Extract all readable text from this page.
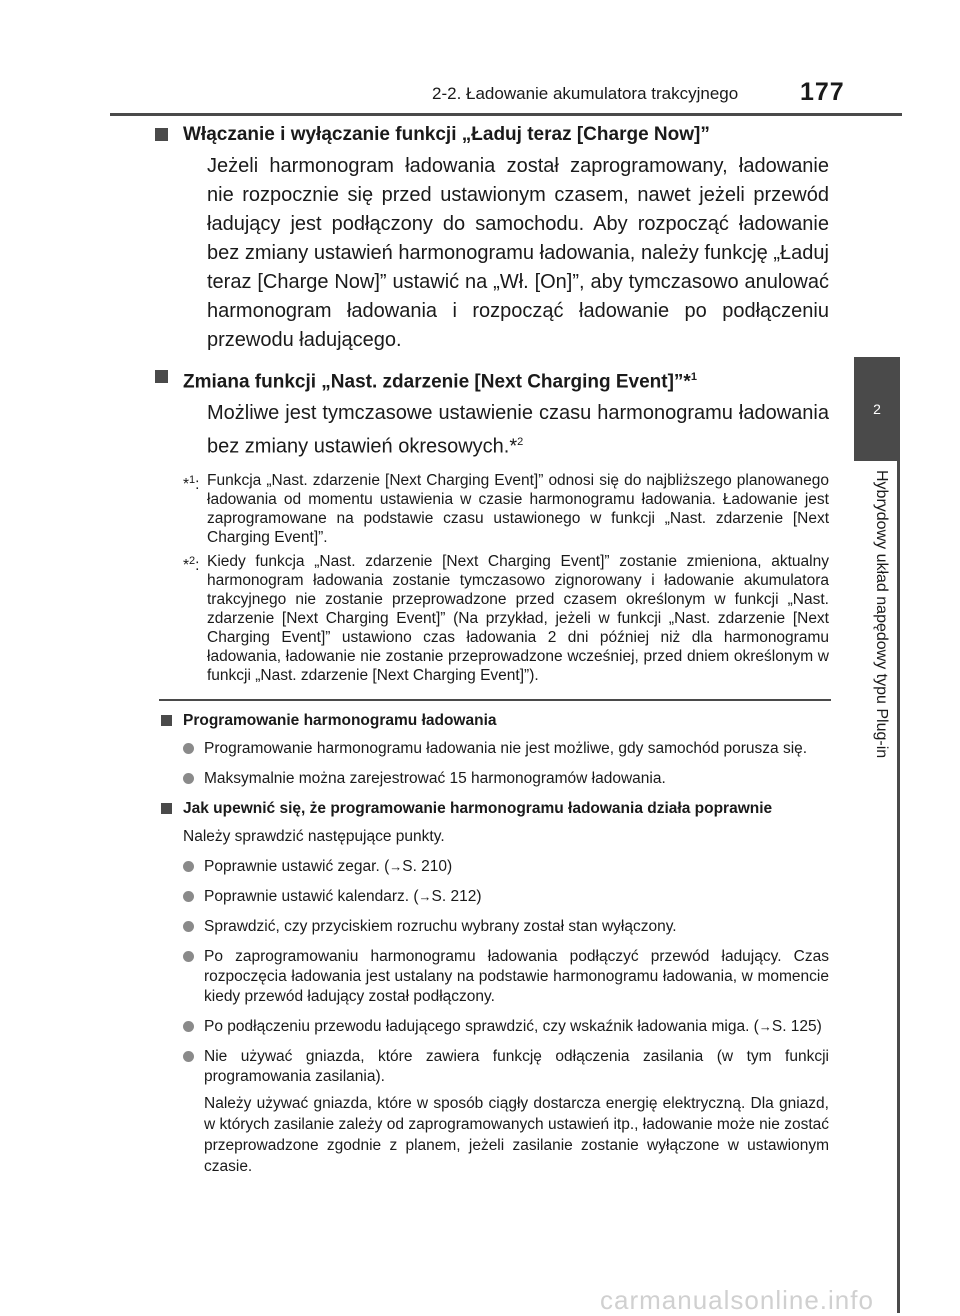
2-2. Ładowanie akumulatora trakcyjnego 177
2
Hybrydowy układ napędowy typu Plug-in
Włączanie i wyłączanie funkcji „Ładuj teraz [Charge Now]”
Jeżeli harmonogram ładowania został zaprogramowany, ładowanie nie rozpocznie się przed ustawionym czasem, nawet jeżeli przewód ładujący jest podłączony do samochodu. Aby rozpocząć ładowanie bez zmiany ustawień harmonogramu ładowania, należy funkcję „Ładuj teraz [Charge Now]” ustawić na „Wł. [On]”, aby tymczasowo anulować harmonogram ładowania i rozpocząć ładowanie po podłączeniu przewodu ładującego.
Zmiana funkcji „Nast. zdarzenie [Next Charging Event]”*$^1$
Możliwe jest tymczasowe ustawienie czasu harmonogramu ładowania bez zmiany ustawień okresowych.*$^2$
*$^1$: Funkcja „Nast. zdarzenie [Next Charging Event]” odnosi się do najbliższego planowanego ładowania od momentu ustawienia w czasie harmonogramu ładowania. Ładowanie jest zaprogramowane na podstawie czasu ustawionego w funkcji „Nast. zdarzenie [Next Charging Event]”.
*$^2$: Kiedy funkcja „Nast. zdarzenie [Next Charging Event]” zostanie zmieniona, aktualny harmonogram ładowania zostanie tymczasowo zignorowany i ładowanie akumulatora trakcyjnego nie zostanie przeprowadzone przed czasem określonym w funkcji „Nast. zdarzenie [Next Charging Event]” (Na przykład, jeżeli w funkcji „Nast. zdarzenie [Next Charging Event]” ustawiono czas ładowania 2 dni później niż dla harmonogramu ładowania, ładowanie nie zostanie przeprowadzone wcześniej, przed dniem określonym w funkcji „Nast. zdarzenie [Next Charging Event]”).
Programowanie harmonogramu ładowania
Programowanie harmonogramu ładowania nie jest możliwe, gdy samochód porusza się.
Maksymalnie można zarejestrować 15 harmonogramów ładowania.
Jak upewnić się, że programowanie harmonogramu ładowania działa poprawnie
Należy sprawdzić następujące punkty.
Poprawnie ustawić zegar. (→S. 210)
Poprawnie ustawić kalendarz. (→S. 212)
Sprawdzić, czy przyciskiem rozruchu wybrany został stan wyłączony.
Po zaprogramowaniu harmonogramu ładowania podłączyć przewód ładujący. Czas rozpoczęcia ładowania jest ustalany na podstawie harmonogramu ładowania, w momencie kiedy przewód ładujący został podłączony.
Po podłączeniu przewodu ładującego sprawdzić, czy wskaźnik ładowania miga. (→S. 125)
Nie używać gniazda, które zawiera funkcję odłączenia zasilania (w tym funkcji programowania zasilania).
Należy używać gniazda, które w sposób ciągły dostarcza energię elektryczną. Dla gniazd, w których zasilanie zależy od zaprogramowanych ustawień itp., ładowanie może nie zostać przeprowadzone zgodnie z planem, jeżeli zasilanie zostanie wyłączone w ustawionym czasie.
carmanualsonline.info
